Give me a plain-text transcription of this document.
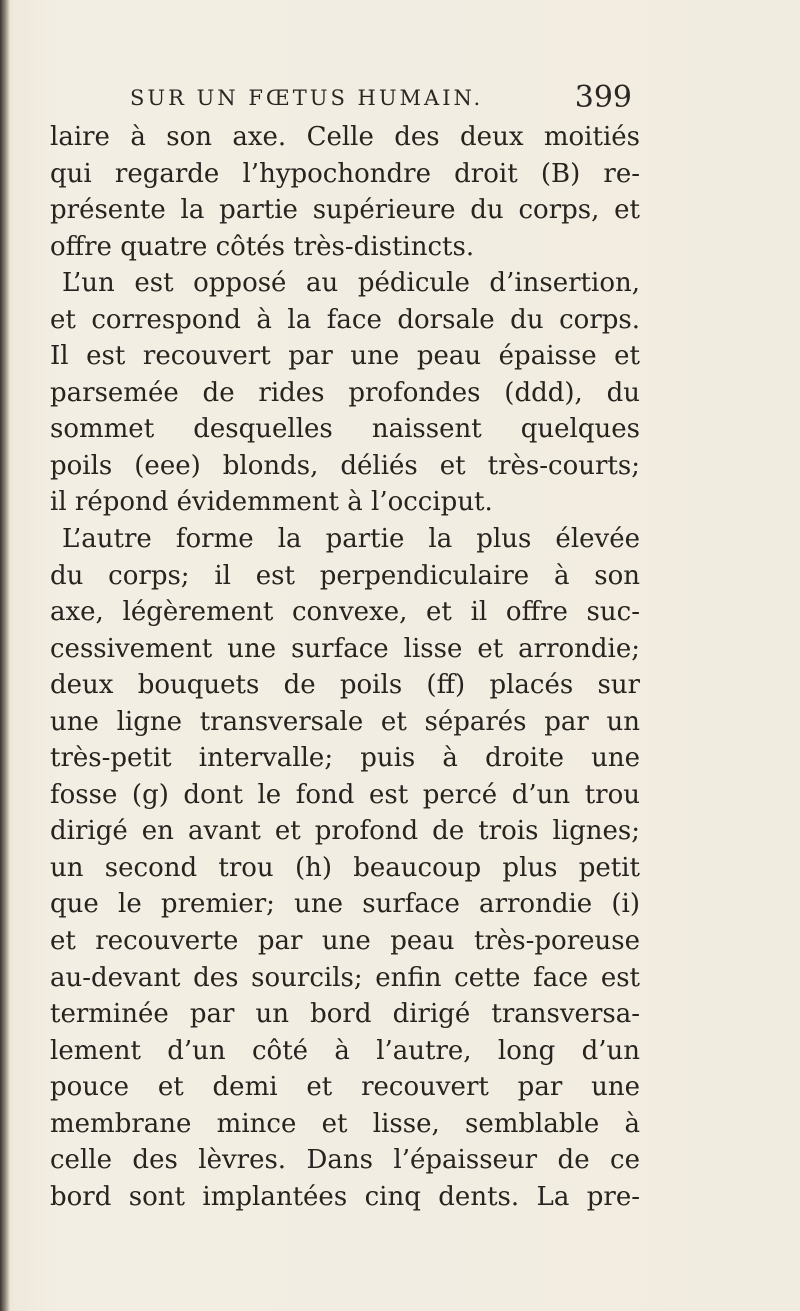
SUR UN FŒTUS HUMAIN.	399
laire à son axe. Celle des deux moitiés
qui regarde l’hypochondre droit (B) re-
présente la partie supérieure du corps, et
offre quatre côtés très-distincts.
L’un est opposé au pédicule d’insertion,
et correspond à la face dorsale du corps.
Il est recouvert par une peau épaisse et
parsemée de rides profondes (ddd), du
sommet desquelles naissent quelques
poils (eee) blonds, déliés et très-courts;
il répond évidemment à l’occiput.
L’autre forme la partie la plus élevée
du corps; il est perpendiculaire à son
axe, légèrement convexe, et il offre suc-
cessivement une surface lisse et arrondie;
deux bouquets de poils (ff) placés sur
une ligne transversale et séparés par un
très-petit intervalle; puis à droite une
fosse (g) dont le fond est percé d’un trou
dirigé en avant et profond de trois lignes;
un second trou (h) beaucoup plus petit
que le premier; une surface arrondie (i)
et recouverte par une peau très-poreuse
au-devant des sourcils; enfin cette face est
terminée par un bord dirigé transversa-
lement d’un côté à l’autre, long d’un
pouce et demi et recouvert par une
membrane mince et lisse, semblable à
celle des lèvres. Dans l’épaisseur de ce
bord sont implantées cinq dents. La pre-
